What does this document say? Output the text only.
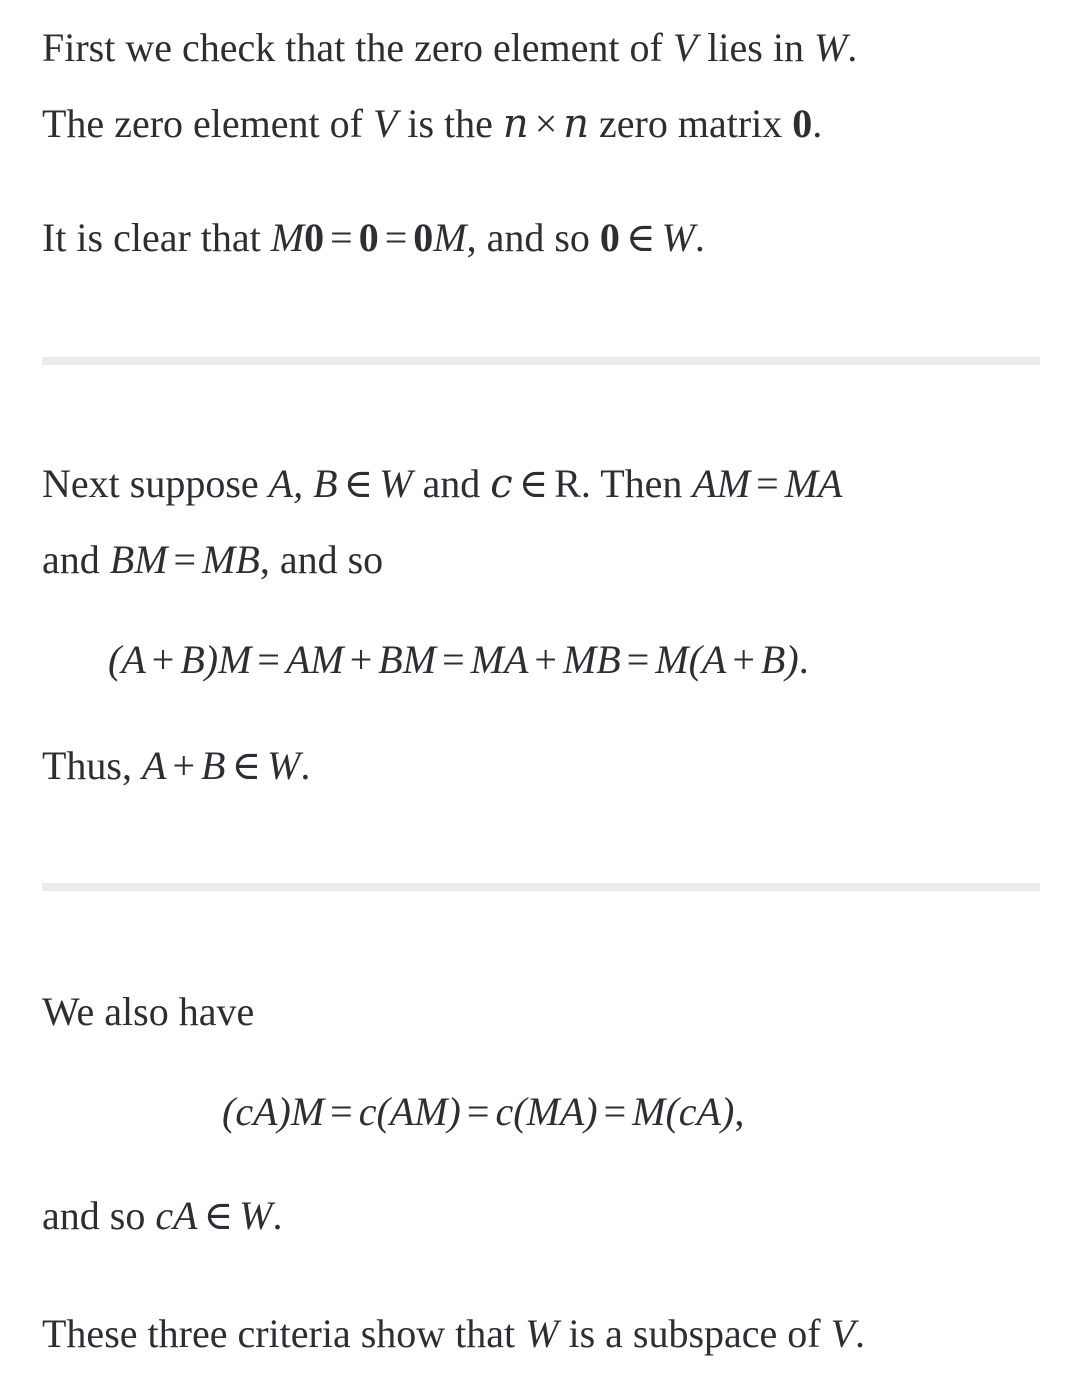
First we check that the zero element of V lies in W.
The zero element of V is the n × n zero matrix 0.
It is clear that M0 = 0 = 0M, and so 0 ∈ W.
Next suppose A, B ∈ W and c ∈ R. Then AM = MA
and BM = MB, and so
(A + B)M = AM + BM = MA + MB = M(A + B).
Thus, A + B ∈ W.
We also have
(cA)M = c(AM) = c(MA) = M(cA),
and so cA ∈ W.
These three criteria show that W is a subspace of V.
